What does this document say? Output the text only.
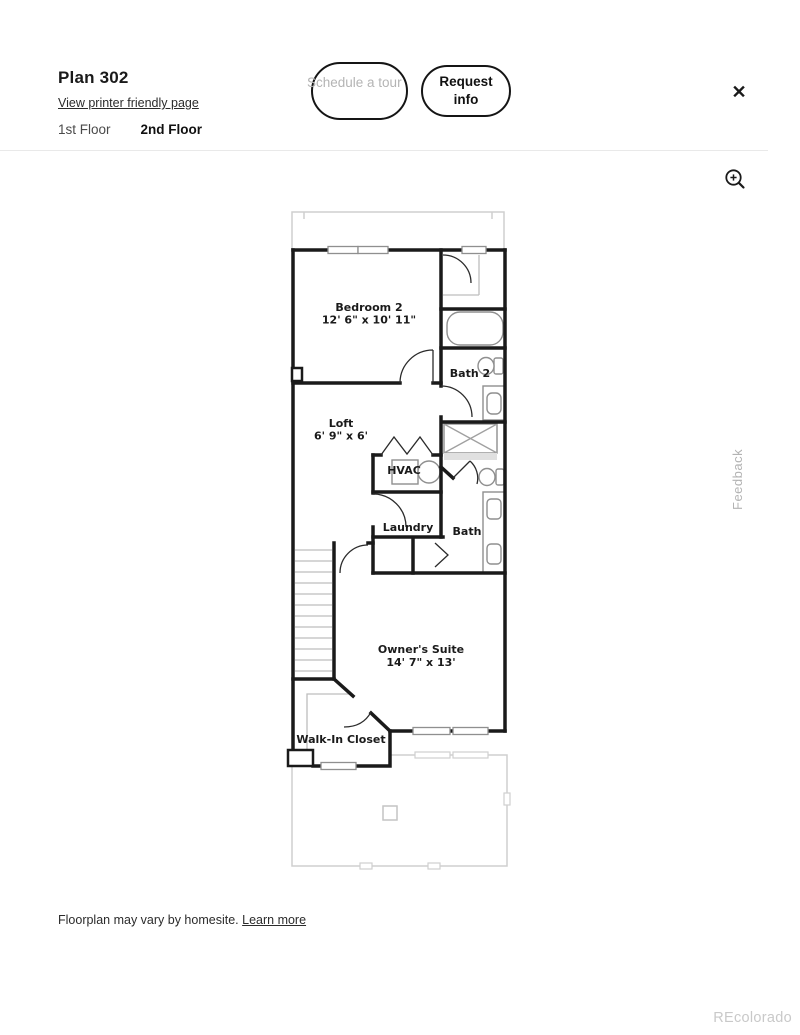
Plan 302
View printer friendly page
1st Floor 2nd Floor
Schedule a tour	Request info	✕
Bedroom 2
12' 6" x 10' 11"
Bath 2
Loft
6' 9" x 6'
HVAC
Laundry Bath
Owner's Suite
14' 7" x 13'
Walk-In Closet
Feedback
Floorplan may vary by homesite. Learn more
REcolorado
